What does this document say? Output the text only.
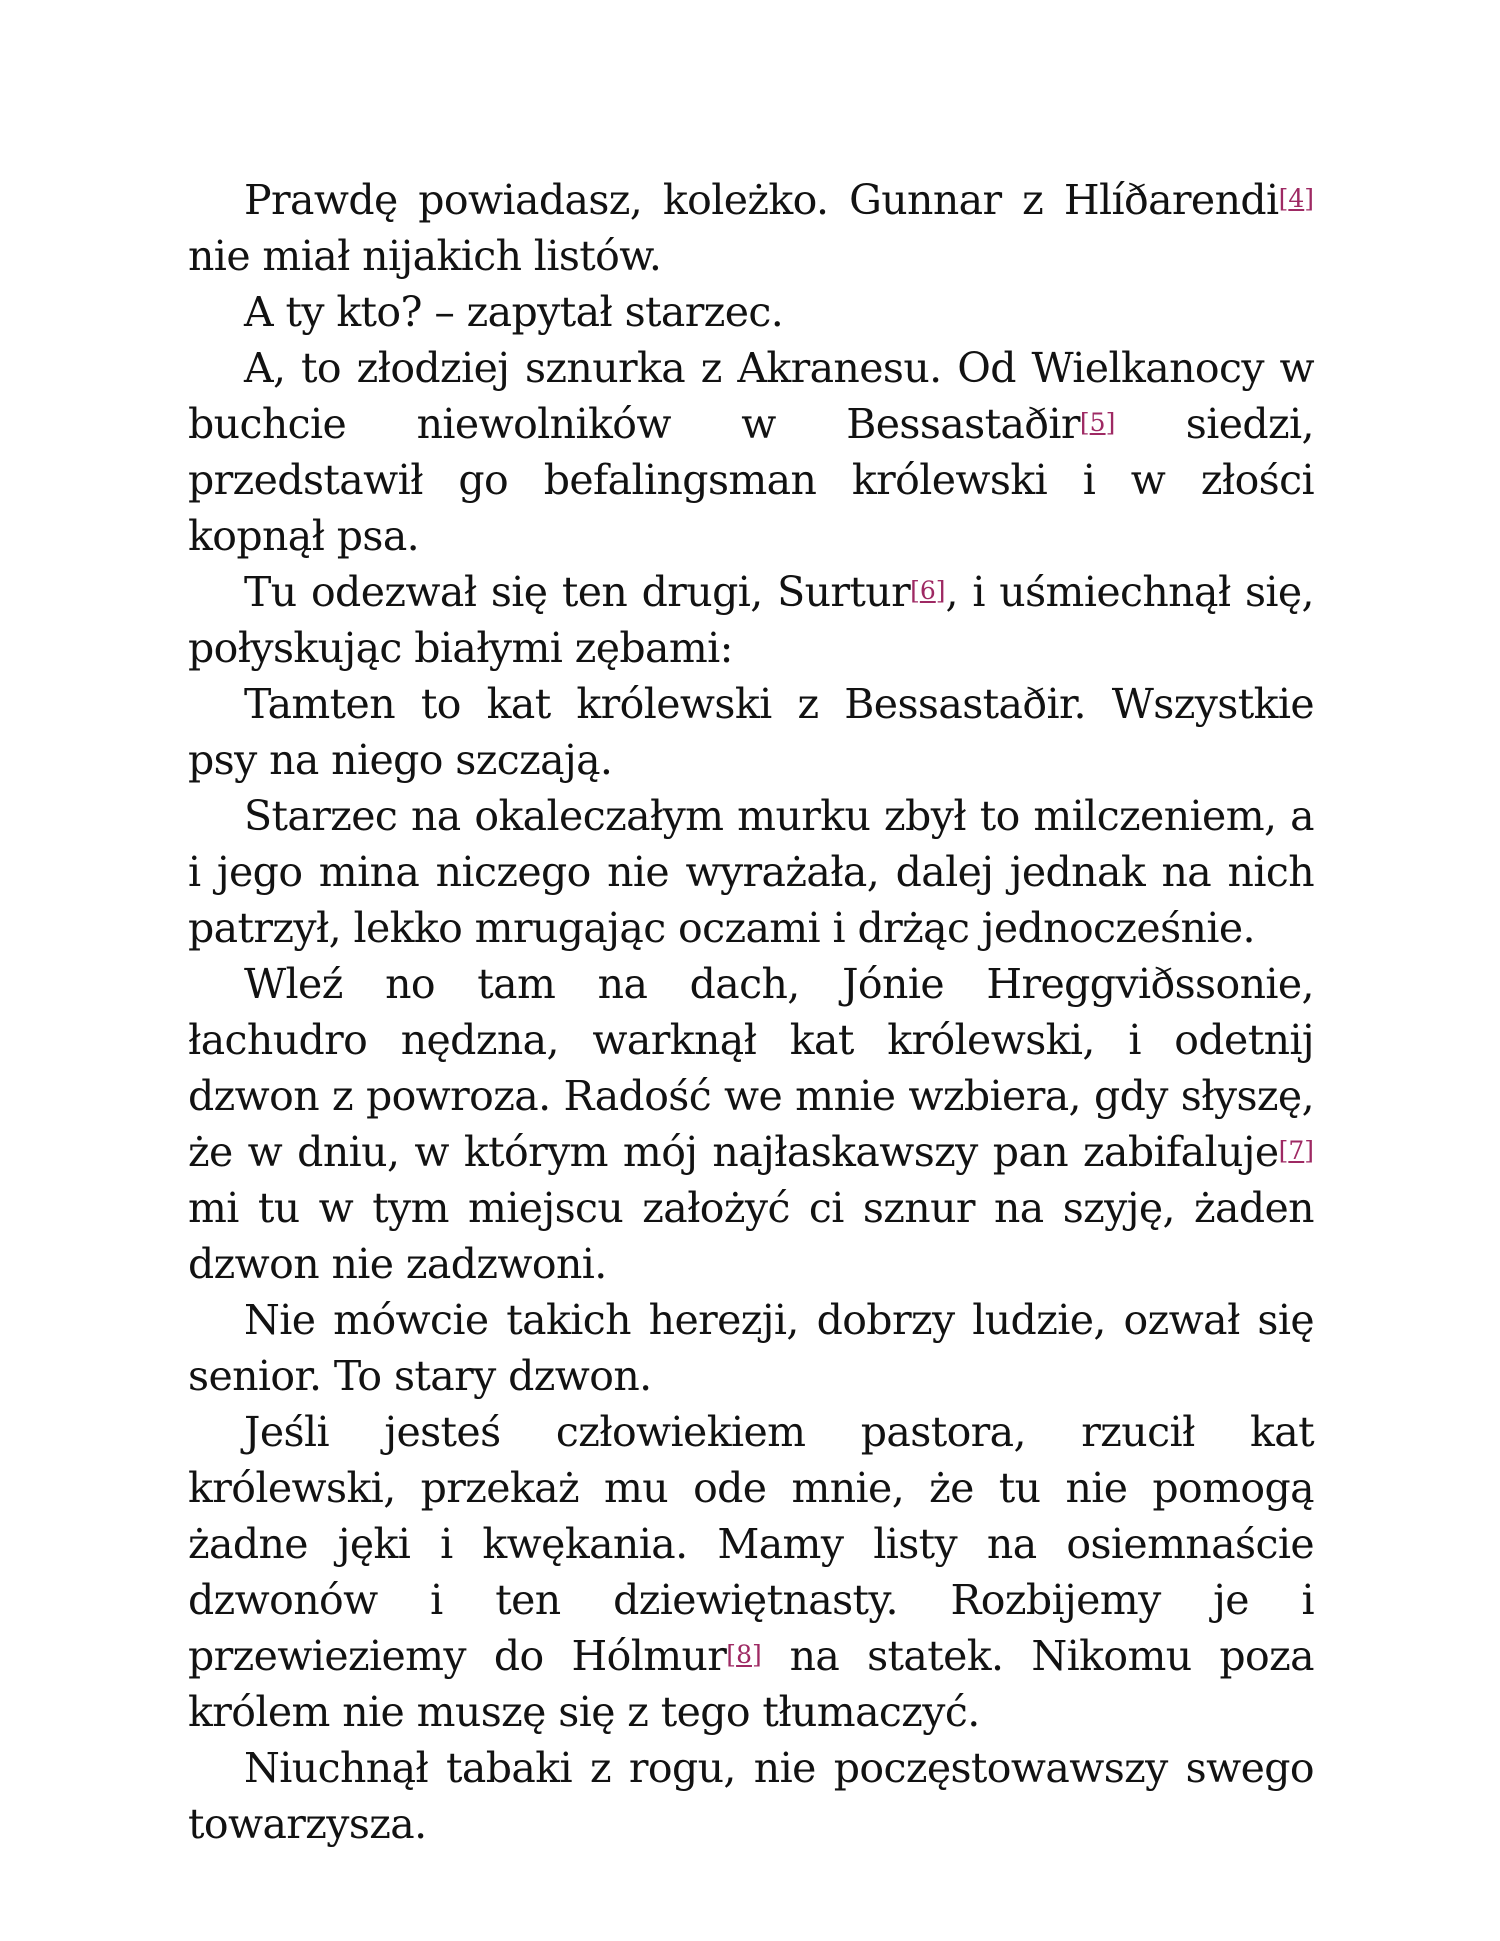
Prawdę powiadasz, koleżko. Gunnar z Hlíðarendi[4] nie miał nijakich listów.

A ty kto? – zapytał starzec.

A, to złodziej sznurka z Akranesu. Od Wielkanocy w buchcie niewolników w Bessastaðir[5] siedzi, przedstawił go befalingsman królewski i w złości kopnął psa.

Tu odezwał się ten drugi, Surtur[6], i uśmiechnął się, połyskując białymi zębami:

Tamten to kat królewski z Bessastaðir. Wszystkie psy na niego szczają.

Starzec na okaleczałym murku zbył to milczeniem, a i jego mina niczego nie wyrażała, dalej jednak na nich patrzył, lekko mrugając oczami i drżąc jednocześnie.

Wleź no tam na dach, Jónie Hreggviðssonie, łachudro nędzna, warknął kat królewski, i odetnij dzwon z powroza. Radość we mnie wzbiera, gdy słyszę, że w dniu, w którym mój najłaskawszy pan zabifaluje[7] mi tu w tym miejscu założyć ci sznur na szyję, żaden dzwon nie zadzwoni.

Nie mówcie takich herezji, dobrzy ludzie, ozwał się senior. To stary dzwon.

Jeśli jesteś człowiekiem pastora, rzucił kat królewski, przekaż mu ode mnie, że tu nie pomogą żadne jęki i kwękania. Mamy listy na osiemnaście dzwonów i ten dziewiętnasty. Rozbijemy je i przewieziemy do Hólmur[8] na statek. Nikomu poza królem nie muszę się z tego tłumaczyć.

Niuchnął tabaki z rogu, nie poczęstowawszy swego towarzysza.
